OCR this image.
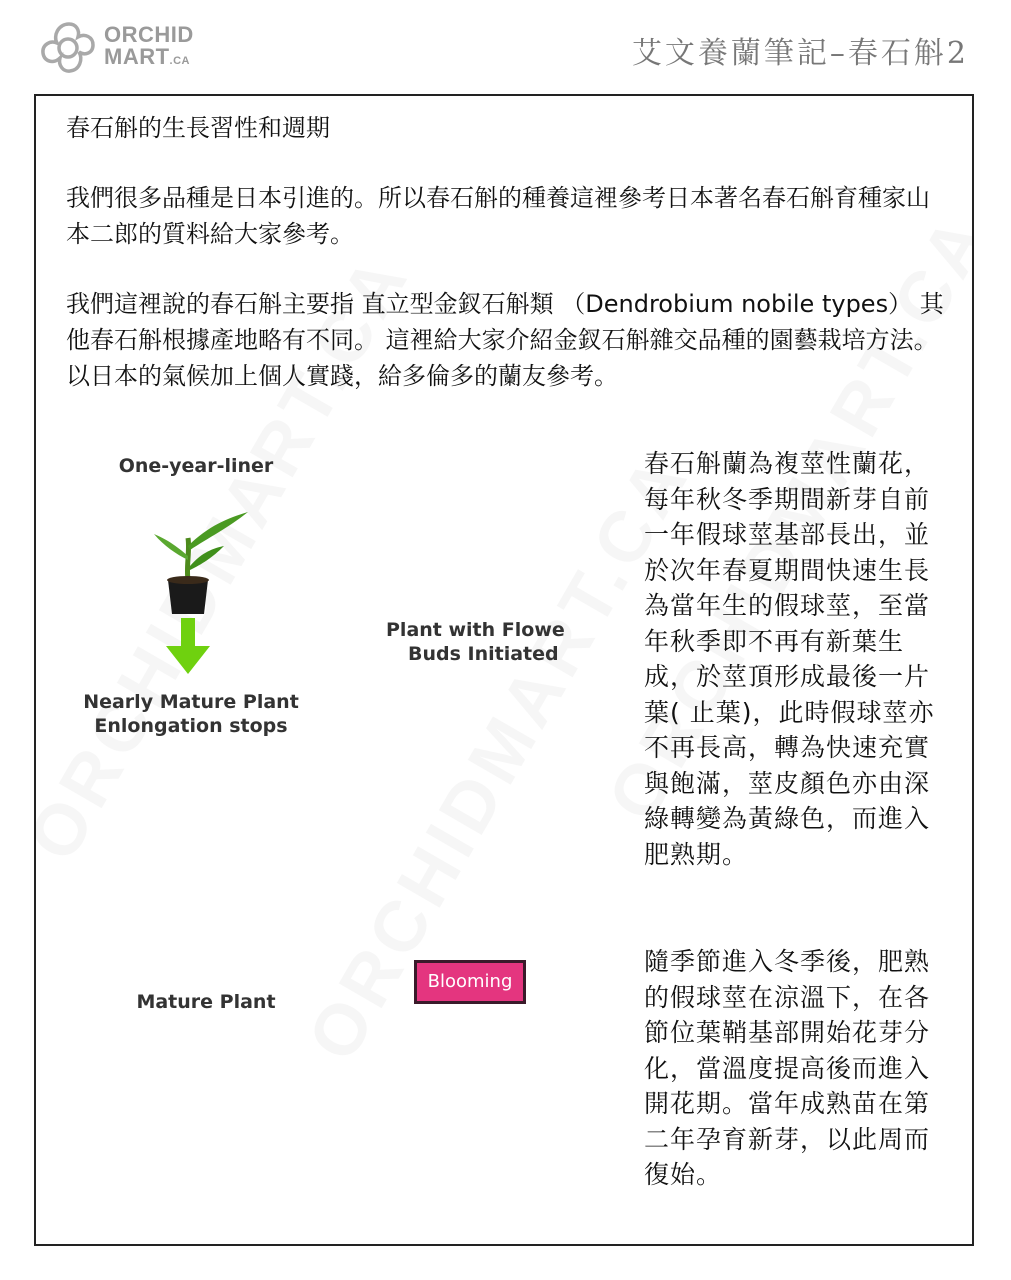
ORCHID
MART.CA	艾文養蘭筆記–春石斛2
春石斛的生長習性和週期
我們很多品種是日本引進的。所以春石斛的種養這裡參考日本著名春石斛育種家山本二郎的質料給大家參考。
我們這裡說的春石斛主要指 直立型金釵石斛類 （Dendrobium nobile types） 其他春石斛根據產地略有不同。 這裡給大家介紹金釵石斛雜交品種的園藝栽培方法。 以日本的氣候加上個人實踐，給多倫多的蘭友參考。
One-year-liner
Nearly Mature Plant
Enlongation stops
Mature Plant
Plant with Flowe
Buds Initiated
Blooming
春石斛蘭為複莖性蘭花，每年秋冬季期間新芽自前一年假球莖基部長出，並於次年春夏期間快速生長為當年生的假球莖，至當年秋季即不再有新葉生成，於莖頂形成最後一片葉( 止葉)，此時假球莖亦不再長高，轉為快速充實與飽滿，莖皮顏色亦由深綠轉變為黃綠色，而進入肥熟期。
隨季節進入冬季後，肥熟的假球莖在涼溫下，在各節位葉鞘基部開始花芽分化，當溫度提高後而進入開花期。當年成熟苗在第二年孕育新芽，以此周而復始。
